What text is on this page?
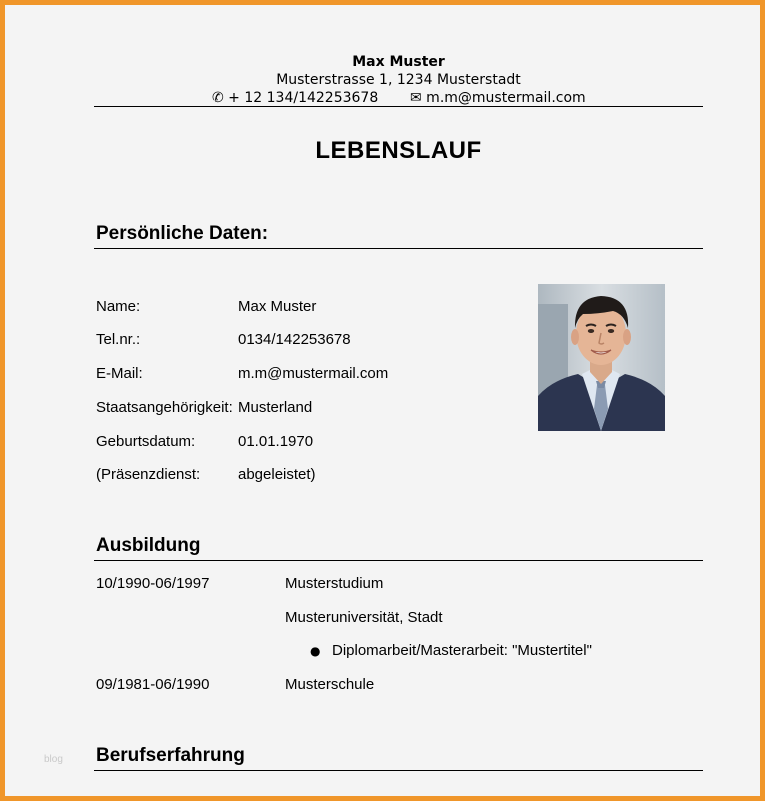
Max Muster
Musterstrasse 1, 1234 Musterstadt
✆ + 12 134/142253678 ✉ m.m@mustermail.com
LEBENSLAUF
Persönliche Daten:
Name:	Max Muster
Tel.nr.:	0134/142253678
E-Mail:	m.m@mustermail.com
Staatsangehörigkeit: Musterland
Geburtsdatum:	01.01.1970
(Präsenzdienst:	abgeleistet)
Ausbildung
10/1990-06/1997	Musterstudium
Musteruniversität, Stadt
● Diplomarbeit/Masterarbeit: "Mustertitel"
09/1981-06/1990	Musterschule
Berufserfahrung
blog
